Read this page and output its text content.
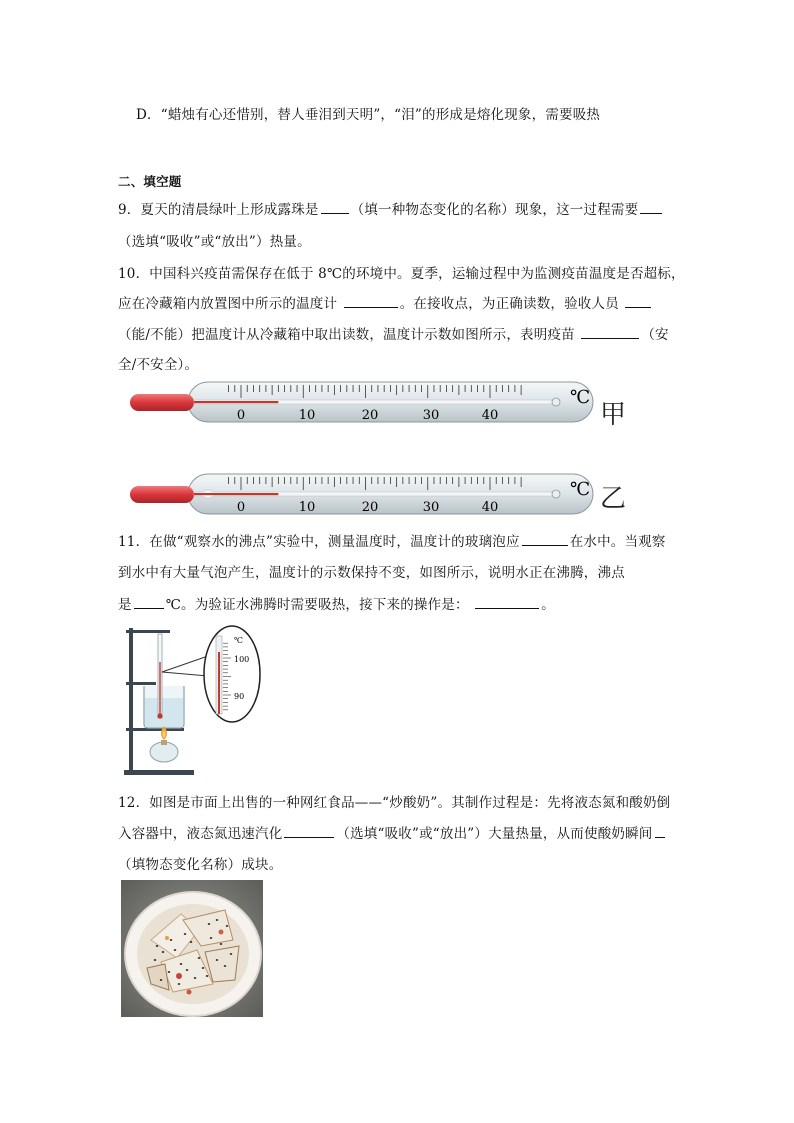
D．“蜡烛有心还惜别，替人垂泪到天明”，“泪”的形成是熔化现象，需要吸热
二、填空题
9．夏天的清晨绿叶上形成露珠是 （填一种物态变化的名称）现象，这一过程需要
（选填“吸收”或“放出”）热量。
10．中国科兴疫苗需保存在低于 8℃的环境中。夏季，运输过程中为监测疫苗温度是否超标，
应在冷藏箱内放置图中所示的温度计	。在接收点，为正确读数，验收人员
（能/不能）把温度计从冷藏箱中取出读数，温度计示数如图所示，表明疫苗	（安
全/不安全）。
0	10	20	30	40
℃
甲
0	10	20	30	40
℃ 乙
11．在做“观察水的沸点”实验中，测量温度时，温度计的玻璃泡应	在水中。当观察
到水中有大量气泡产生，温度计的示数保持不变，如图所示，说明水正在沸腾，沸点
是	℃。为验证水沸腾时需要吸热，接下来的操作是：	。
℃
100
90
12．如图是市面上出售的一种网红食品——“炒酸奶”。其制作过程是：先将液态氮和酸奶倒
入容器中，液态氮迅速汽化	（选填“吸收”或“放出”）大量热量，从而使酸奶瞬间
（填物态变化名称）成块。
